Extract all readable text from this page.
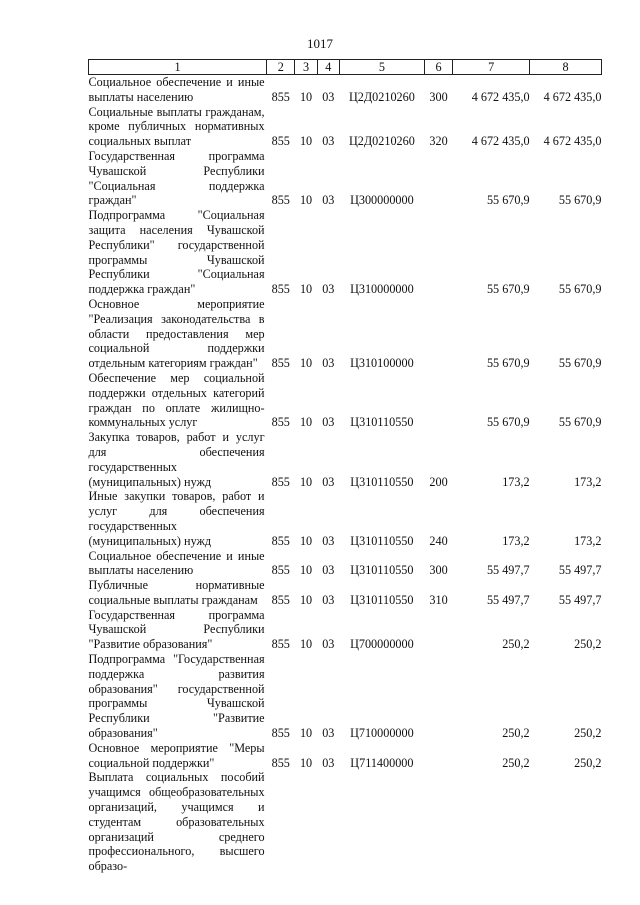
1017
1	2	3	4	5	6	7	8
Социальное обеспечение и иные выплаты населению	855	10	03	Ц2Д0210260	300	4 672 435,0	4 672 435,0
Социальные выплаты гражданам, кроме публичных нормативных социальных выплат	855	10	03	Ц2Д0210260	320	4 672 435,0	4 672 435,0
Государственная программа Чувашской Республики "Социальная поддержка граждан"	855	10	03	Ц300000000		55 670,9	55 670,9
Подпрограмма "Социальная защита населения Чувашской Республики" государственной программы Чувашской Республики "Социальная поддержка граждан"	855	10	03	Ц310000000		55 670,9	55 670,9
Основное мероприятие "Реализация законодательства в области предоставления мер социальной поддержки отдельным категориям граждан"	855	10	03	Ц310100000		55 670,9	55 670,9
Обеспечение мер социальной поддержки отдельных категорий граждан по оплате жилищно-коммунальных услуг	855	10	03	Ц310110550		55 670,9	55 670,9
Закупка товаров, работ и услуг для обеспечения государственных (муниципальных) нужд	855	10	03	Ц310110550	200	173,2	173,2
Иные закупки товаров, работ и услуг для обеспечения государственных (муниципальных) нужд	855	10	03	Ц310110550	240	173,2	173,2
Социальное обеспечение и иные выплаты населению	855	10	03	Ц310110550	300	55 497,7	55 497,7
Публичные нормативные социальные выплаты гражданам	855	10	03	Ц310110550	310	55 497,7	55 497,7
Государственная программа Чувашской Республики "Развитие образования"	855	10	03	Ц700000000		250,2	250,2
Подпрограмма "Государственная поддержка развития образования" государственной программы Чувашской Республики "Развитие образования"	855	10	03	Ц710000000		250,2	250,2
Основное мероприятие "Меры социальной поддержки"	855	10	03	Ц711400000		250,2	250,2
Выплата социальных пособий учащимся общеобразовательных организаций, учащимся и студентам образовательных организаций среднего профессионального, высшего образо-							
